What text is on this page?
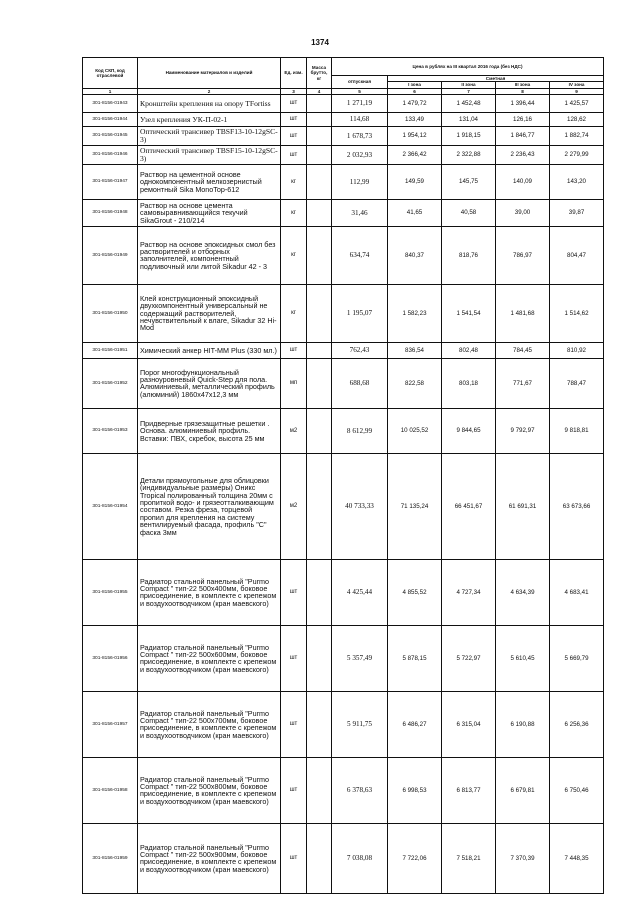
1374
Код СКП, код отраслевой	Наименование материалов и изделий	Ед. изм.	Масса брутто, кг	Цена в рублях на III квартал 2016 года (без НДС)				
				отпускная	Сметная			
					I зона	II зона	III зона	IV зона
1	2	3	4	5	6	7	8	9
301-8156-01943	Кронштейн крепления на опору TFortiss	шт		1 271,19	1 479,72	1 452,48	1 396,44	1 425,57
301-8156-01944	Узел крепления УК-П-02-1	шт		114,68	133,49	131,04	126,16	128,62
301-8156-01945	Оптический трансивер TBSF13-10-12gSC-3)	шт		1 678,73	1 954,12	1 918,15	1 846,77	1 882,74
301-8156-01946	Оптический трансивер TBSF15-10-12gSC-3)	шт		2 032,93	2 366,42	2 322,88	2 236,43	2 279,99
301-8156-01947	Раствор на цементной основе однокомпонентный мелкозернистый ремонтный Sika MonoTop-612	кг		112,99	149,59	145,75	140,09	143,20
301-8156-01948	Раствор на основе цемента самовыравнивающийся текучий SikaGrout - 210/214	кг		31,46	41,65	40,58	39,00	39,87
301-8156-01949	Раствор на основе эпоксидных смол без растворителей и отборных заполнителей, компонентный подливочный или литой Sikadur 42 - 3	кг		634,74	840,37	818,76	786,97	804,47
301-8156-01950	Клей конструкционный эпоксидный двухкомпонентный универсальный не содержащий растворителей, нечувствительный к влаге, Sikadur 32 Hi-Mod	кг		1 195,07	1 582,23	1 541,54	1 481,68	1 514,62
301-8156-01951	Химический анкер HIT-MM Plus (330 мл.)	шт		762,43	836,54	802,48	784,45	810,92
301-8156-01952	Порог многофункциональный разноуровневый Quick-Step для пола. Алюминиевый, металлический профиль (алюминий) 1860х47х12,3 мм	мп		688,68	822,58	803,18	771,67	788,47
301-8156-01953	Придверные грязезащитные решетки . Основа. алюминиевый профиль. Вставки: ПВХ, скребок, высота 25 мм	м2		8 612,99	10 025,52	9 844,65	9 792,97	9 818,81
301-8156-01954	Детали прямоугольные для облицовки (индивидуальные размеры) Оникс Tropical полированный толщина 20мм с пропиткой водо- и грязеотталкивающим составом. Резка фреза, торцевой пропил для крепления на систему вентилируемый фасада, профиль "С" фаска 3мм	м2		40 733,33	71 135,24	66 451,67	61 691,31	63 673,66
301-8156-01955	Радиатор стальной панельный "Purmo Compact " тип-22 500х400мм, боковое присоединение, в комплекте с крепежом и воздухоотводчиком (кран маевского)	шт		4 425,44	4 855,52	4 727,34	4 634,39	4 683,41
301-8156-01956	Радиатор стальной панельный "Purmo Compact " тип-22 500х600мм, боковое присоединение, в комплекте с крепежом и воздухоотводчиком (кран маевского)	шт		5 357,49	5 878,15	5 722,97	5 610,45	5 669,79
301-8156-01957	Радиатор стальной панельный "Purmo Compact " тип-22 500х700мм, боковое присоединение, в комплекте с крепежом и воздухоотводчиком (кран маевского)	шт		5 911,75	6 486,27	6 315,04	6 190,88	6 256,36
301-8156-01958	Радиатор стальной панельный "Purmo Compact " тип-22 500х800мм, боковое присоединение, в комплекте с крепежом и воздухоотводчиком (кран маевского)	шт		6 378,63	6 998,53	6 813,77	6 679,81	6 750,46
301-8156-01959	Радиатор стальной панельный "Purmo Compact " тип-22 500х900мм, боковое присоединение, в комплекте с крепежом и воздухоотводчиком (кран маевского)	шт		7 038,08	7 722,06	7 518,21	7 370,39	7 448,35
